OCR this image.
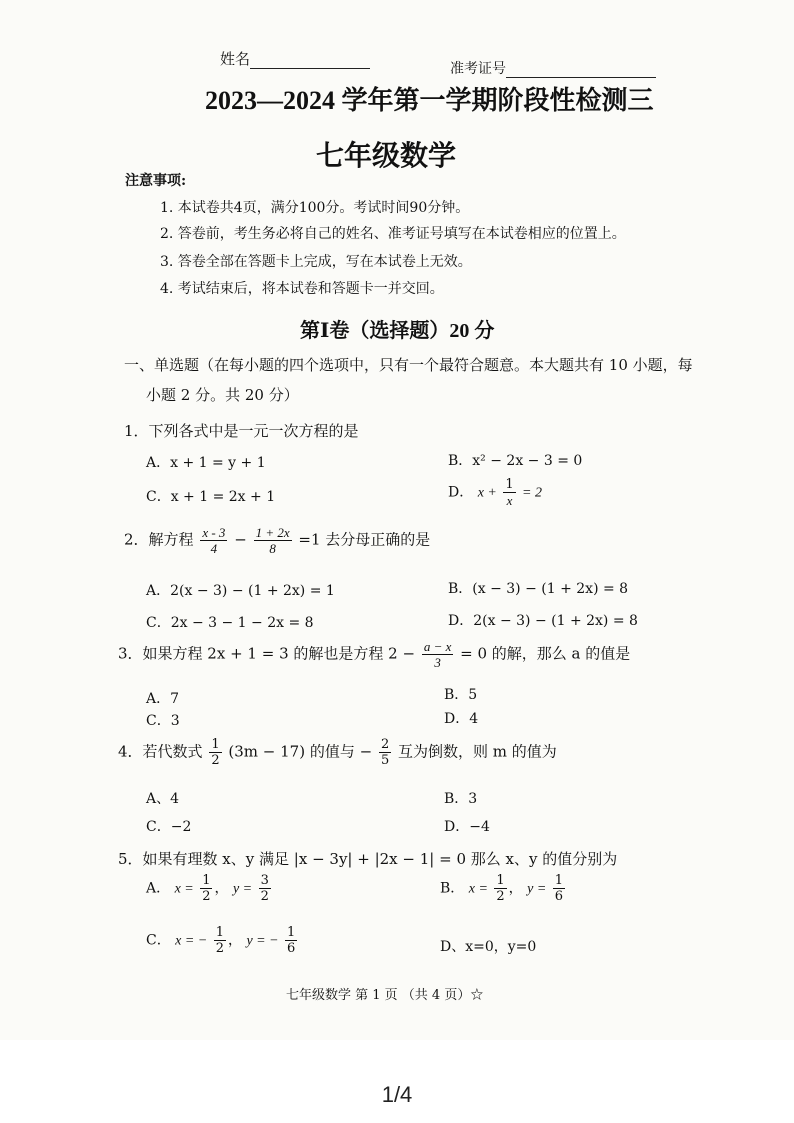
姓名
准考证号
2023—2024 学年第一学期阶段性检测三
七年级数学
注意事项:
1. 本试卷共4页，满分100分。考试时间90分钟。
2. 答卷前，考生务必将自己的姓名、准考证号填写在本试卷相应的位置上。
3. 答卷全部在答题卡上完成，写在本试卷上无效。
4. 考试结束后，将本试卷和答题卡一并交回。
第Ⅰ卷（选择题）20 分
一、单选题（在每小题的四个选项中，只有一个最符合题意。本大题共有 10 小题，每
小题 2 分。共 20 分）
1．下列各式中是一元一次方程的是
A．x + 1 = y + 1	B．x² − 2x − 3 = 0
C．x + 1 = 2x + 1	D． $x + \frac{1}{x} = 2$
2．解方程 $\frac{x - 3}{4} - \frac{1 + 2x}{8} =1$ 去分母正确的是
A．2(x − 3) − (1 + 2x) = 1	B．(x − 3) − (1 + 2x) = 8
C．2x − 3 − 1 − 2x = 8	D．2(x − 3) − (1 + 2x) = 8
3．如果方程 2x + 1 = 3 的解也是方程 $2 - \frac{a - x}{3} = 0$ 的解，那么 a 的值是
A．7	B．5
C．3	D．4
4．若代数式 $\frac{1}{2} (3m - 17)$ 的值与 − $\frac{2}{5}$ 互为倒数，则 m 的值为
A、4	B．3
C．−2	D．−4
5．如果有理数 x、y 满足 |x − 3y| + |2x − 1| = 0 那么 x、y 的值分别为
A． $x = \frac{1}{2}$ ， $y = \frac{3}{2}$	B． $x = \frac{1}{2}$ ， $y = \frac{1}{6}$
C． x = − $\frac{1}{2}$ ， y = − $\frac{1}{6}$	D、x=0，y=0
七年级数学 第 1 页 （共 4 页）☆
1/4
